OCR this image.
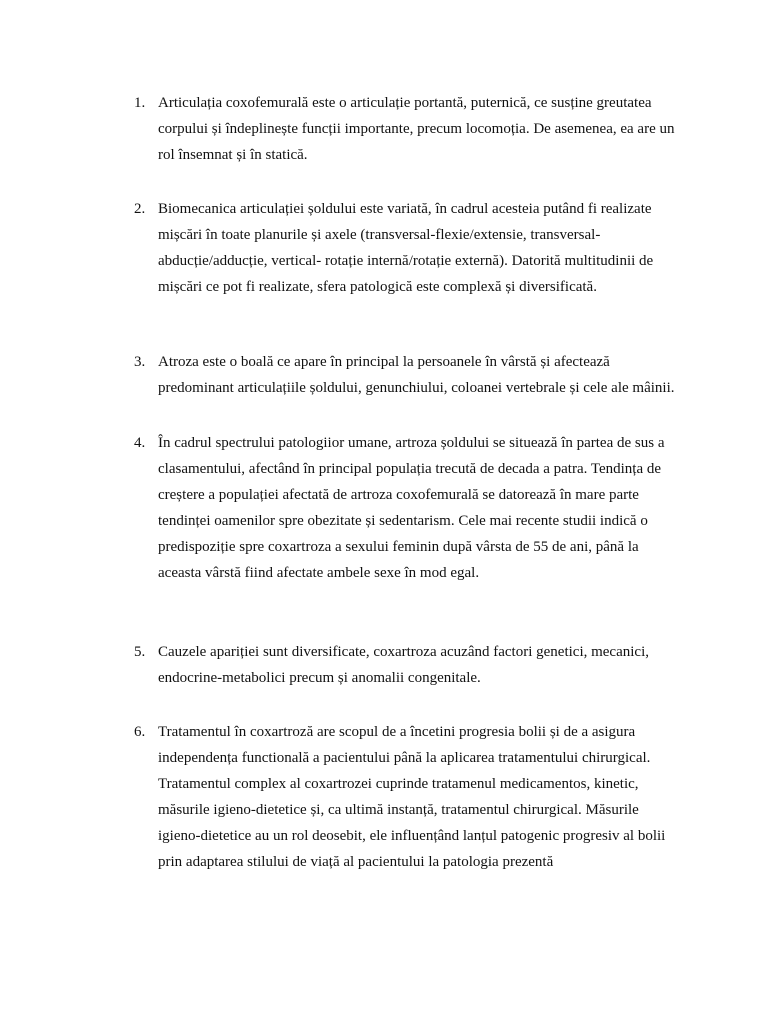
1. Articulația coxofemurală este o articulație portantă, puternică, ce susține greutatea
corpului și îndeplinește funcții importante, precum locomoția. De asemenea, ea are un
rol însemnat și în statică.
2. Biomecanica articulației șoldului este variată, în cadrul acesteia putând fi realizate
mișcări în toate planurile și axele (transversal-flexie/extensie, transversal-
abducție/adducție, vertical- rotație internă/rotație externă). Datorită multitudinii de
mișcări ce pot fi realizate, sfera patologică este complexă și diversificată.
3. Atroza este o boală ce apare în principal la persoanele în vârstă și afectează
predominant articulațiile șoldului, genunchiului, coloanei vertebrale și cele ale mâinii.
4. În cadrul spectrului patologiior umane, artroza șoldului se situează în partea de sus a
clasamentului, afectând în principal populația trecută de decada a patra. Tendința de
creștere a populației afectată de artroza coxofemurală se datorează în mare parte
tendinței oamenilor spre obezitate și sedentarism. Cele mai recente studii indică o
predispoziție spre coxartroza a sexului feminin după vârsta de 55 de ani, până la
aceasta vârstă fiind afectate ambele sexe în mod egal.
5. Cauzele apariției sunt diversificate, coxartroza acuzând factori genetici, mecanici,
endocrine-metabolici precum și anomalii congenitale.
6. Tratamentul în coxartroză are scopul de a încetini progresia bolii și de a asigura
independența functională a pacientului până la aplicarea tratamentului chirurgical.
Tratamentul complex al coxartrozei cuprinde tratamenul medicamentos, kinetic,
măsurile igieno-dietetice și, ca ultimă instanță, tratamentul chirurgical. Măsurile
igieno-dietetice au un rol deosebit, ele influențând lanțul patogenic progresiv al bolii
prin adaptarea stilului de viață al pacientului la patologia prezentă
